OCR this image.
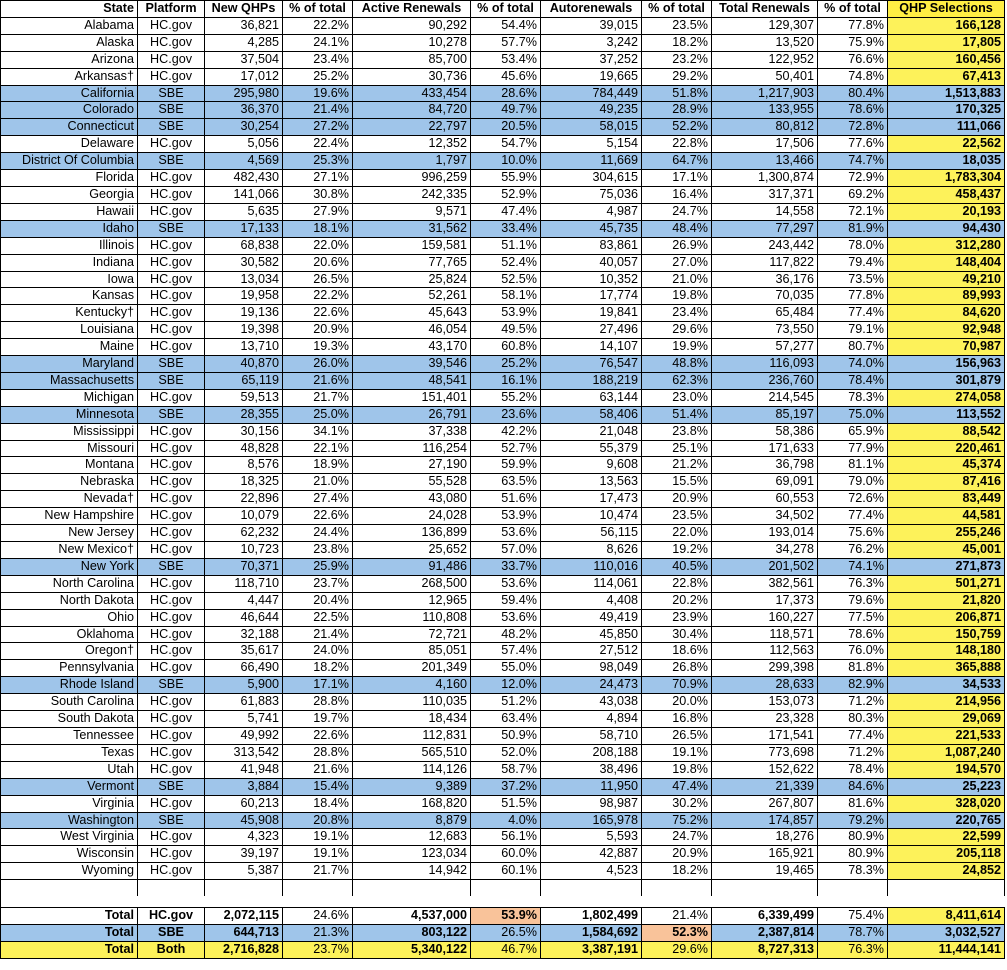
State	Platform	New QHPs	% of total	Active Renewals	% of total	Autorenewals	% of total	Total Renewals	% of total	QHP Selections
Alabama	HC.gov	36,821	22.2%	90,292	54.4%	39,015	23.5%	129,307	77.8%	166,128
Alaska	HC.gov	4,285	24.1%	10,278	57.7%	3,242	18.2%	13,520	75.9%	17,805
Arizona	HC.gov	37,504	23.4%	85,700	53.4%	37,252	23.2%	122,952	76.6%	160,456
Arkansas†	HC.gov	17,012	25.2%	30,736	45.6%	19,665	29.2%	50,401	74.8%	67,413
California	SBE	295,980	19.6%	433,454	28.6%	784,449	51.8%	1,217,903	80.4%	1,513,883
Colorado	SBE	36,370	21.4%	84,720	49.7%	49,235	28.9%	133,955	78.6%	170,325
Connecticut	SBE	30,254	27.2%	22,797	20.5%	58,015	52.2%	80,812	72.8%	111,066
Delaware	HC.gov	5,056	22.4%	12,352	54.7%	5,154	22.8%	17,506	77.6%	22,562
District Of Columbia	SBE	4,569	25.3%	1,797	10.0%	11,669	64.7%	13,466	74.7%	18,035
Florida	HC.gov	482,430	27.1%	996,259	55.9%	304,615	17.1%	1,300,874	72.9%	1,783,304
Georgia	HC.gov	141,066	30.8%	242,335	52.9%	75,036	16.4%	317,371	69.2%	458,437
Hawaii	HC.gov	5,635	27.9%	9,571	47.4%	4,987	24.7%	14,558	72.1%	20,193
Idaho	SBE	17,133	18.1%	31,562	33.4%	45,735	48.4%	77,297	81.9%	94,430
Illinois	HC.gov	68,838	22.0%	159,581	51.1%	83,861	26.9%	243,442	78.0%	312,280
Indiana	HC.gov	30,582	20.6%	77,765	52.4%	40,057	27.0%	117,822	79.4%	148,404
Iowa	HC.gov	13,034	26.5%	25,824	52.5%	10,352	21.0%	36,176	73.5%	49,210
Kansas	HC.gov	19,958	22.2%	52,261	58.1%	17,774	19.8%	70,035	77.8%	89,993
Kentucky†	HC.gov	19,136	22.6%	45,643	53.9%	19,841	23.4%	65,484	77.4%	84,620
Louisiana	HC.gov	19,398	20.9%	46,054	49.5%	27,496	29.6%	73,550	79.1%	92,948
Maine	HC.gov	13,710	19.3%	43,170	60.8%	14,107	19.9%	57,277	80.7%	70,987
Maryland	SBE	40,870	26.0%	39,546	25.2%	76,547	48.8%	116,093	74.0%	156,963
Massachusetts	SBE	65,119	21.6%	48,541	16.1%	188,219	62.3%	236,760	78.4%	301,879
Michigan	HC.gov	59,513	21.7%	151,401	55.2%	63,144	23.0%	214,545	78.3%	274,058
Minnesota	SBE	28,355	25.0%	26,791	23.6%	58,406	51.4%	85,197	75.0%	113,552
Mississippi	HC.gov	30,156	34.1%	37,338	42.2%	21,048	23.8%	58,386	65.9%	88,542
Missouri	HC.gov	48,828	22.1%	116,254	52.7%	55,379	25.1%	171,633	77.9%	220,461
Montana	HC.gov	8,576	18.9%	27,190	59.9%	9,608	21.2%	36,798	81.1%	45,374
Nebraska	HC.gov	18,325	21.0%	55,528	63.5%	13,563	15.5%	69,091	79.0%	87,416
Nevada†	HC.gov	22,896	27.4%	43,080	51.6%	17,473	20.9%	60,553	72.6%	83,449
New Hampshire	HC.gov	10,079	22.6%	24,028	53.9%	10,474	23.5%	34,502	77.4%	44,581
New Jersey	HC.gov	62,232	24.4%	136,899	53.6%	56,115	22.0%	193,014	75.6%	255,246
New Mexico†	HC.gov	10,723	23.8%	25,652	57.0%	8,626	19.2%	34,278	76.2%	45,001
New York	SBE	70,371	25.9%	91,486	33.7%	110,016	40.5%	201,502	74.1%	271,873
North Carolina	HC.gov	118,710	23.7%	268,500	53.6%	114,061	22.8%	382,561	76.3%	501,271
North Dakota	HC.gov	4,447	20.4%	12,965	59.4%	4,408	20.2%	17,373	79.6%	21,820
Ohio	HC.gov	46,644	22.5%	110,808	53.6%	49,419	23.9%	160,227	77.5%	206,871
Oklahoma	HC.gov	32,188	21.4%	72,721	48.2%	45,850	30.4%	118,571	78.6%	150,759
Oregon†	HC.gov	35,617	24.0%	85,051	57.4%	27,512	18.6%	112,563	76.0%	148,180
Pennsylvania	HC.gov	66,490	18.2%	201,349	55.0%	98,049	26.8%	299,398	81.8%	365,888
Rhode Island	SBE	5,900	17.1%	4,160	12.0%	24,473	70.9%	28,633	82.9%	34,533
South Carolina	HC.gov	61,883	28.8%	110,035	51.2%	43,038	20.0%	153,073	71.2%	214,956
South Dakota	HC.gov	5,741	19.7%	18,434	63.4%	4,894	16.8%	23,328	80.3%	29,069
Tennessee	HC.gov	49,992	22.6%	112,831	50.9%	58,710	26.5%	171,541	77.4%	221,533
Texas	HC.gov	313,542	28.8%	565,510	52.0%	208,188	19.1%	773,698	71.2%	1,087,240
Utah	HC.gov	41,948	21.6%	114,126	58.7%	38,496	19.8%	152,622	78.4%	194,570
Vermont	SBE	3,884	15.4%	9,389	37.2%	11,950	47.4%	21,339	84.6%	25,223
Virginia	HC.gov	60,213	18.4%	168,820	51.5%	98,987	30.2%	267,807	81.6%	328,020
Washington	SBE	45,908	20.8%	8,879	4.0%	165,978	75.2%	174,857	79.2%	220,765
West Virginia	HC.gov	4,323	19.1%	12,683	56.1%	5,593	24.7%	18,276	80.9%	22,599
Wisconsin	HC.gov	39,197	19.1%	123,034	60.0%	42,887	20.9%	165,921	80.9%	205,118
Wyoming	HC.gov	5,387	21.7%	14,942	60.1%	4,523	18.2%	19,465	78.3%	24,852

Total	HC.gov	2,072,115	24.6%	4,537,000	53.9%	1,802,499	21.4%	6,339,499	75.4%	8,411,614
Total	SBE	644,713	21.3%	803,122	26.5%	1,584,692	52.3%	2,387,814	78.7%	3,032,527
Total	Both	2,716,828	23.7%	5,340,122	46.7%	3,387,191	29.6%	8,727,313	76.3%	11,444,141
